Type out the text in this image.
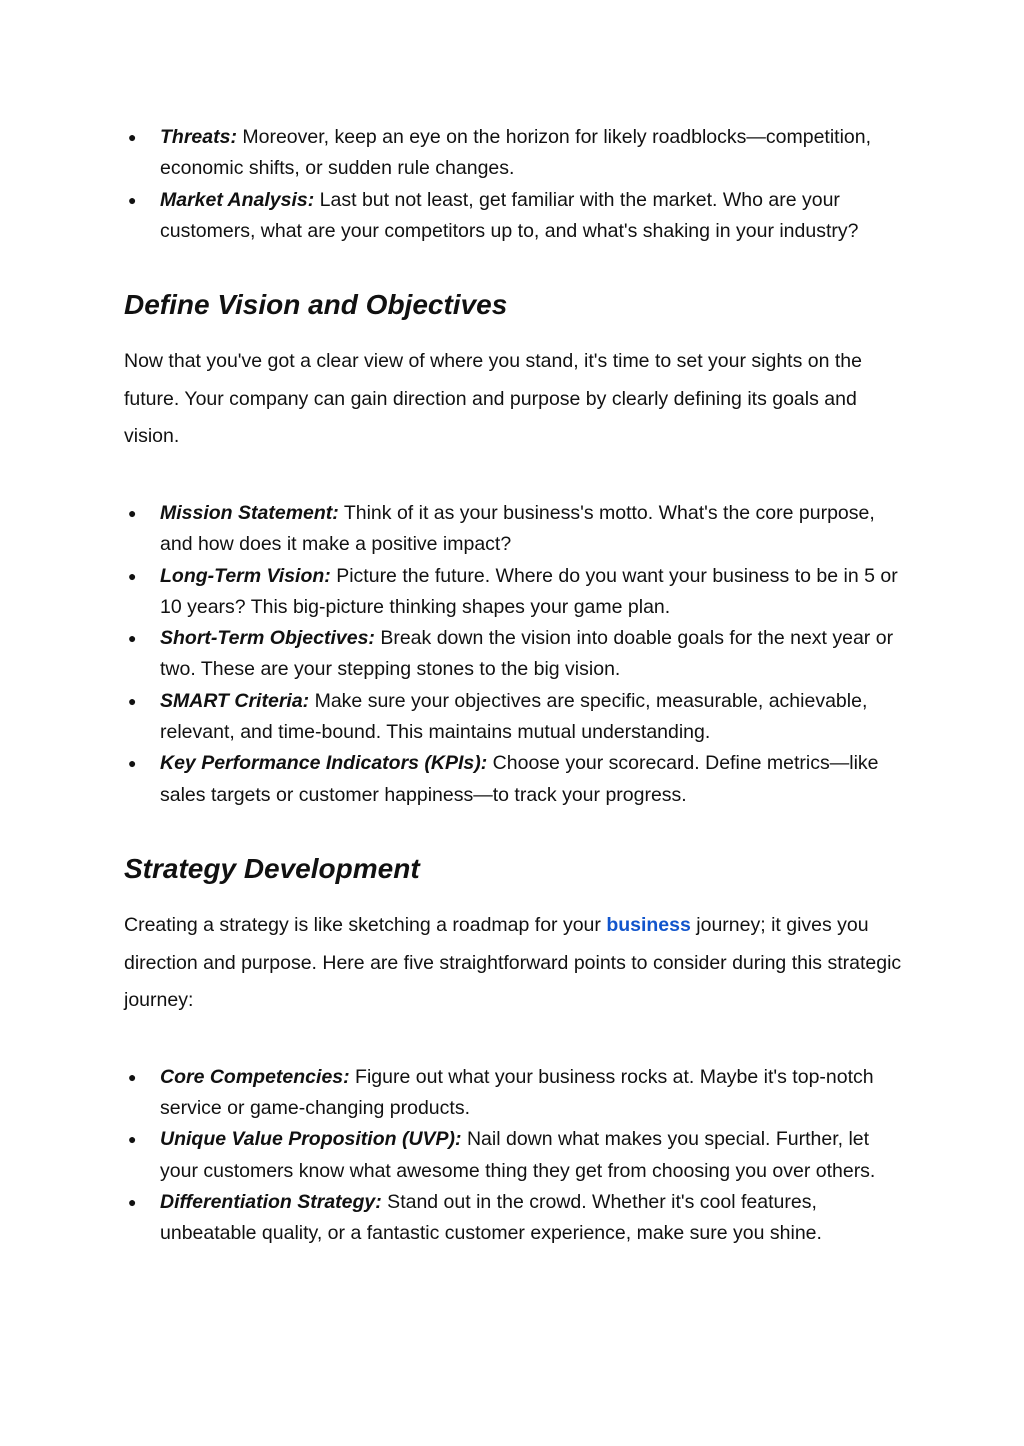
● Threats: Moreover, keep an eye on the horizon for likely roadblocks—competition, economic shifts, or sudden rule changes.
● Market Analysis: Last but not least, get familiar with the market. Who are your customers, what are your competitors up to, and what's shaking in your industry?
Define Vision and Objectives

Now that you've got a clear view of where you stand, it's time to set your sights on the future. Your company can gain direction and purpose by clearly defining its goals and vision.

● Mission Statement: Think of it as your business's motto. What's the core purpose, and how does it make a positive impact?
● Long-Term Vision: Picture the future. Where do you want your business to be in 5 or 10 years? This big-picture thinking shapes your game plan.
● Short-Term Objectives: Break down the vision into doable goals for the next year or two. These are your stepping stones to the big vision.
● SMART Criteria: Make sure your objectives are specific, measurable, achievable, relevant, and time-bound. This maintains mutual understanding.
● Key Performance Indicators (KPIs): Choose your scorecard. Define metrics—like sales targets or customer happiness—to track your progress.
Strategy Development

Creating a strategy is like sketching a roadmap for your business journey; it gives you direction and purpose. Here are five straightforward points to consider during this strategic journey:

● Core Competencies: Figure out what your business rocks at. Maybe it's top-notch service or game-changing products.
● Unique Value Proposition (UVP): Nail down what makes you special. Further, let your customers know what awesome thing they get from choosing you over others.
● Differentiation Strategy: Stand out in the crowd. Whether it's cool features, unbeatable quality, or a fantastic customer experience, make sure you shine.
